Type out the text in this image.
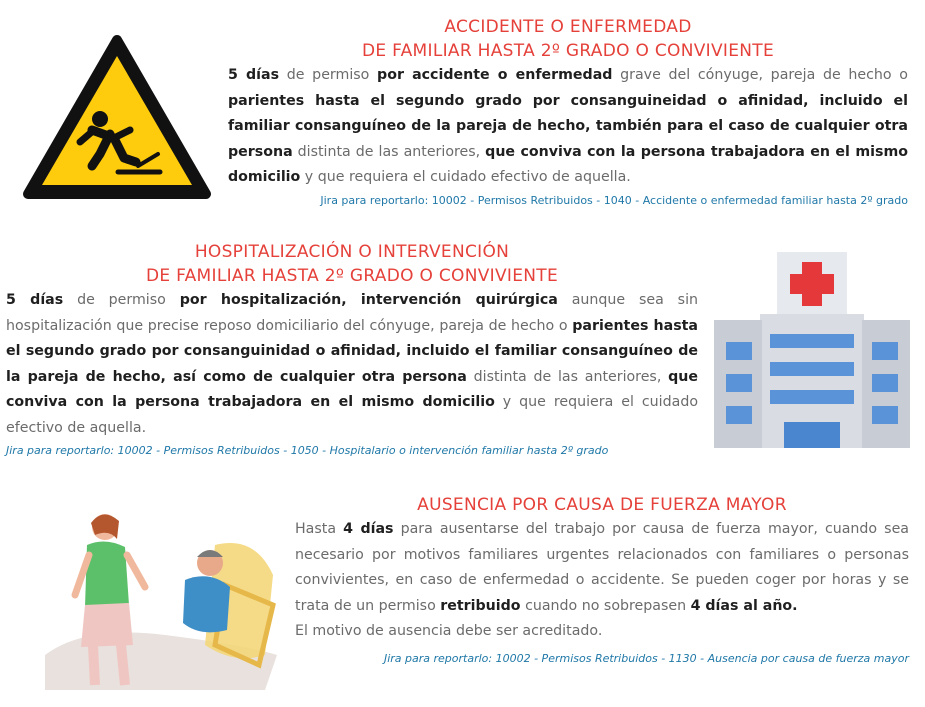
ACCIDENTE O ENFERMEDAD
DE FAMILIAR HASTA 2º GRADO O CONVIVIENTE
5 días de permiso por accidente o enfermedad grave del cónyuge, pareja de hecho o parientes hasta el segundo grado por consanguineidad o afinidad, incluido el familiar consanguíneo de la pareja de hecho, también para el caso de cualquier otra persona distinta de las anteriores, que conviva con la persona trabajadora en el mismo domicilio y que requiera el cuidado efectivo de aquella.
Jira para reportarlo: 10002 - Permisos Retribuidos - 1040 - Accidente o enfermedad familiar hasta 2º grado
HOSPITALIZACIÓN O INTERVENCIÓN
DE FAMILIAR HASTA 2º GRADO O CONVIVIENTE
5 días de permiso por hospitalización, intervención quirúrgica aunque sea sin hospitalización que precise reposo domiciliario del cónyuge, pareja de hecho o parientes hasta el segundo grado por consanguinidad o afinidad, incluido el familiar consanguíneo de la pareja de hecho, así como de cualquier otra persona distinta de las anteriores, que conviva con la persona trabajadora en el mismo domicilio y que requiera el cuidado efectivo de aquella.
Jira para reportarlo: 10002 - Permisos Retribuidos - 1050 - Hospitalario o intervención familiar hasta 2º grado
AUSENCIA POR CAUSA DE FUERZA MAYOR
Hasta 4 días para ausentarse del trabajo por causa de fuerza mayor, cuando sea necesario por motivos familiares urgentes relacionados con familiares o personas convivientes, en caso de enfermedad o accidente. Se pueden coger por horas y se trata de un permiso retribuido cuando no sobrepasen 4 días al año.
El motivo de ausencia debe ser acreditado.
Jira para reportarlo: 10002 - Permisos Retribuidos - 1130 - Ausencia por causa de fuerza mayor
